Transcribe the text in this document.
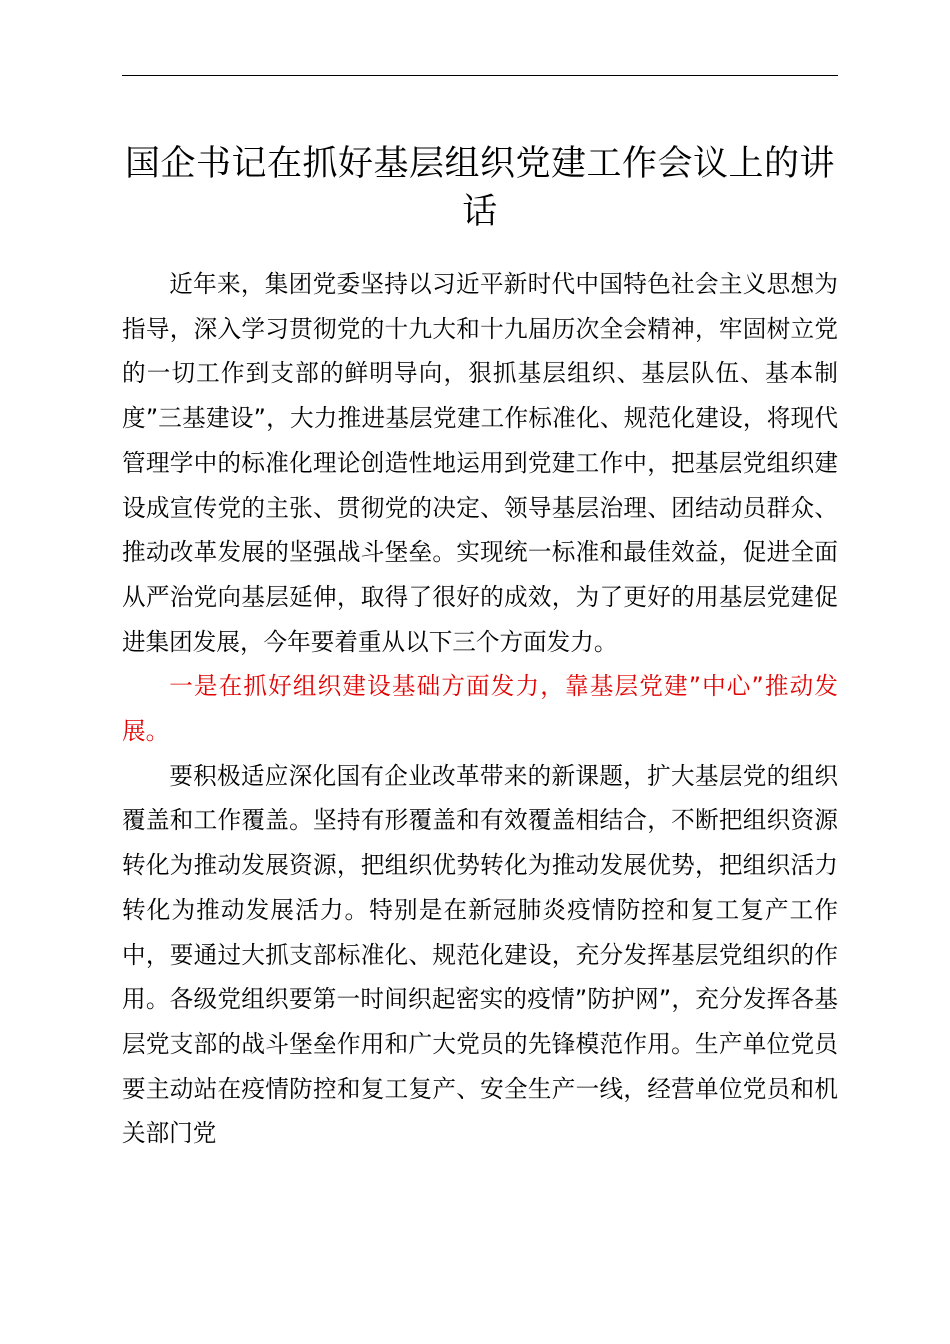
国企书记在抓好基层组织党建工作会议上的讲话

近年来，集团党委坚持以习近平新时代中国特色社会主义思想为指导，深入学习贯彻党的十九大和十九届历次全会精神，牢固树立党的一切工作到支部的鲜明导向，狠抓基层组织、基层队伍、基本制度”三基建设”，大力推进基层党建工作标准化、规范化建设，将现代管理学中的标准化理论创造性地运用到党建工作中，把基层党组织建设成宣传党的主张、贯彻党的决定、领导基层治理、团结动员群众、推动改革发展的坚强战斗堡垒。实现统一标准和最佳效益，促进全面从严治党向基层延伸，取得了很好的成效，为了更好的用基层党建促进集团发展，今年要着重从以下三个方面发力。

一是在抓好组织建设基础方面发力，靠基层党建”中心”推动发展。

要积极适应深化国有企业改革带来的新课题，扩大基层党的组织覆盖和工作覆盖。坚持有形覆盖和有效覆盖相结合，不断把组织资源转化为推动发展资源，把组织优势转化为推动发展优势，把组织活力转化为推动发展活力。特别是在新冠肺炎疫情防控和复工复产工作中，要通过大抓支部标准化、规范化建设，充分发挥基层党组织的作用。各级党组织要第一时间织起密实的疫情”防护网”，充分发挥各基层党支部的战斗堡垒作用和广大党员的先锋模范作用。生产单位党员要主动站在疫情防控和复工复产、安全生产一线，经营单位党员和机关部门党
